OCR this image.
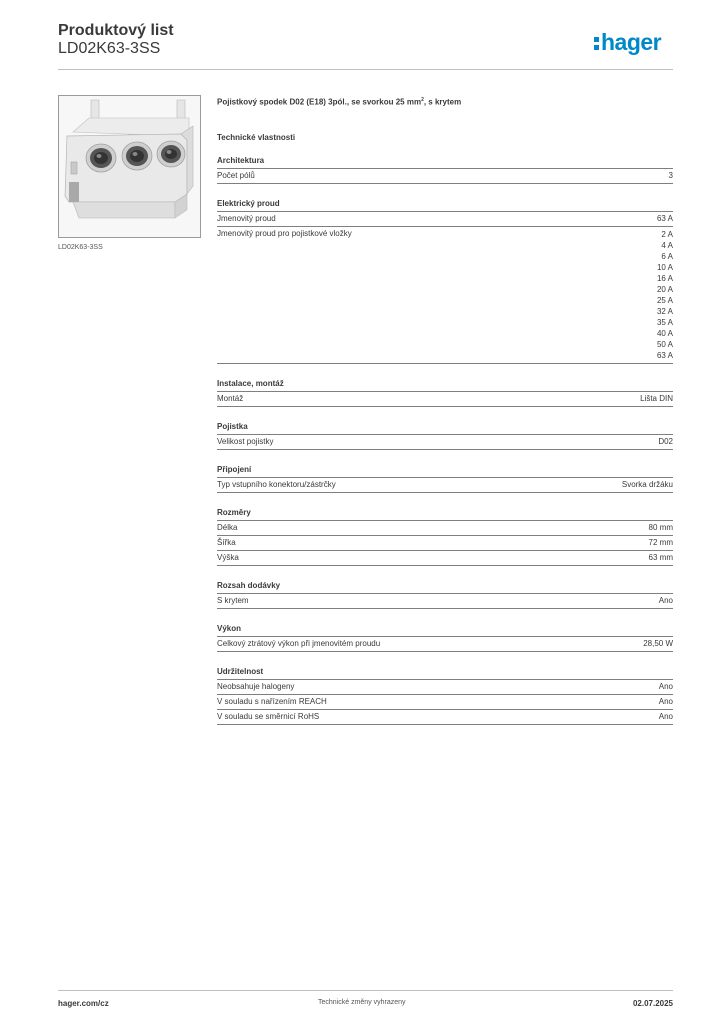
Produktový list
LD02K63-3SS	hager
LD02K63-3SS
Pojistkový spodek D02 (E18) 3pól., se svorkou 25 $mm^2$, s krytem
Technické vlastnosti
Architektura
Počet pólů	3
Elektrický proud
Jmenovitý proud	63 A
Jmenovitý proud pro pojistkové vložky	2 A
4 A
6 A
10 A
16 A
20 A
25 A
32 A
35 A
40 A
50 A
63 A
Instalace, montáž
Montáž	Lišta DIN
Pojistka
Velikost pojistky	D02
Připojení
Typ vstupního konektoru/zástrčky	Svorka držáku
Rozměry
Délka	80 mm
Šířka	72 mm
Výška	63 mm
Rozsah dodávky
S krytem	Ano
Výkon
Celkový ztrátový výkon při jmenovitém proudu	28,50 W
Udržitelnost
Neobsahuje halogeny	Ano
V souladu s nařízením REACH	Ano
V souladu se směrnicí RoHS	Ano
hager.com/cz	Technické změny vyhrazeny	02.07.2025
